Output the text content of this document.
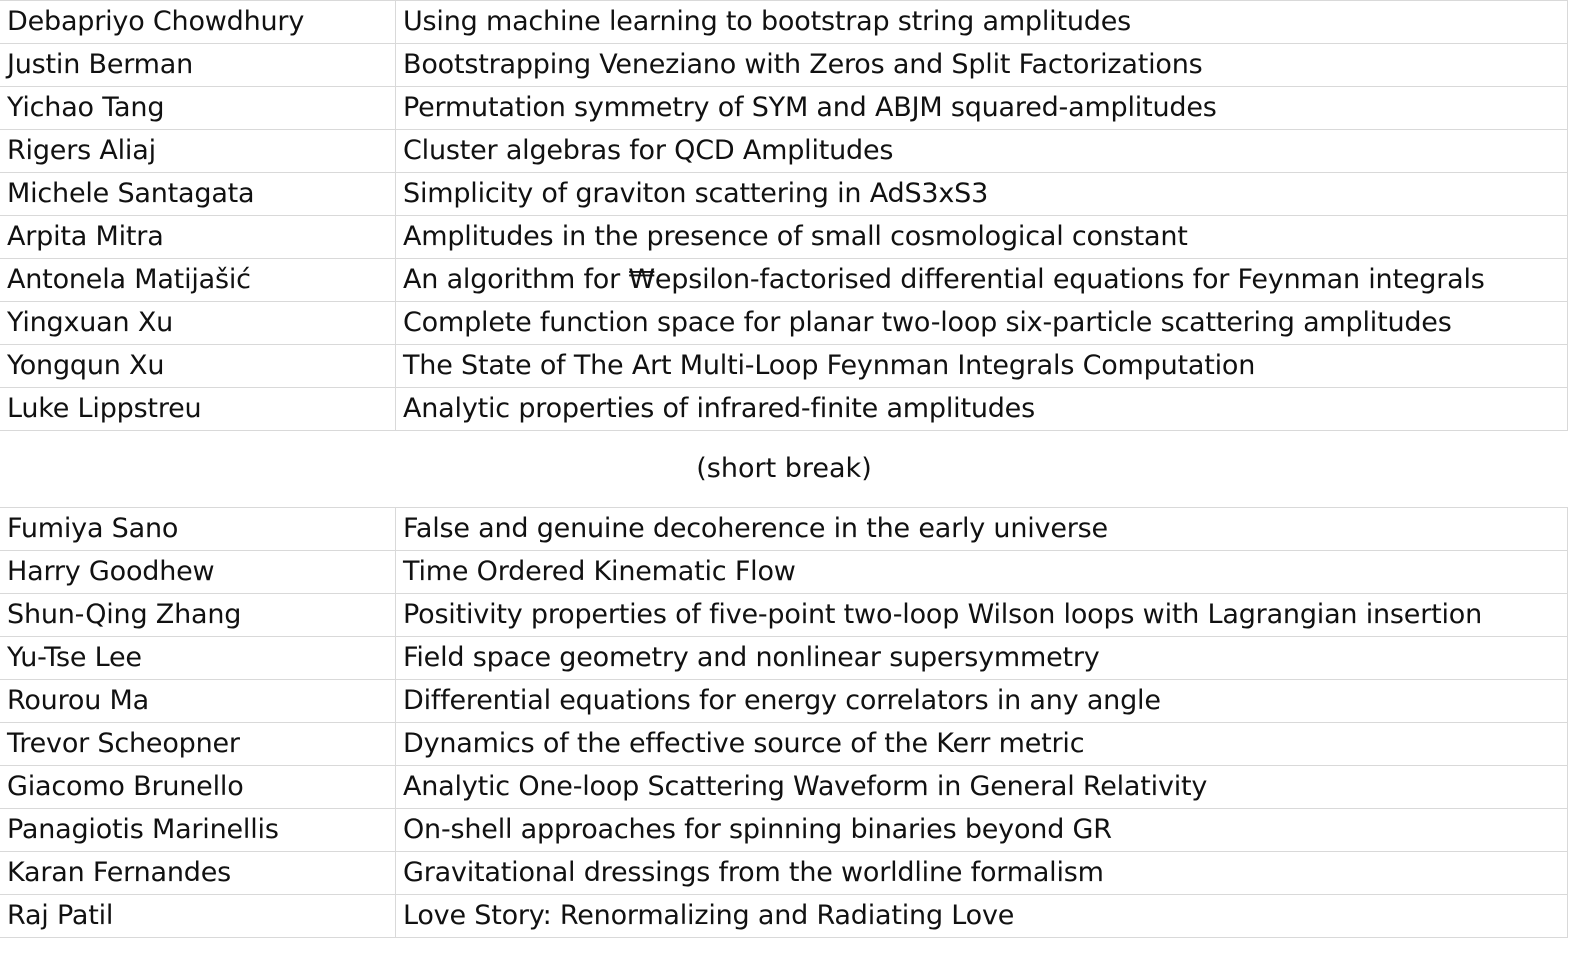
Debapriyo Chowdhury	Using machine learning to bootstrap string amplitudes
Justin Berman	Bootstrapping Veneziano with Zeros and Split Factorizations
Yichao Tang	Permutation symmetry of SYM and ABJM squared-amplitudes
Rigers Aliaj	Cluster algebras for QCD Amplitudes
Michele Santagata	Simplicity of graviton scattering in AdS3xS3
Arpita Mitra	Amplitudes in the presence of small cosmological constant
Antonela Matijašić	An algorithm for ₩epsilon-factorised differential equations for Feynman integrals
Yingxuan Xu	Complete function space for planar two-loop six-particle scattering amplitudes
Yongqun Xu	The State of The Art Multi-Loop Feynman Integrals Computation
Luke Lippstreu	Analytic properties of infrared-finite amplitudes
(short break)
Fumiya Sano	False and genuine decoherence in the early universe
Harry Goodhew	Time Ordered Kinematic Flow
Shun-Qing Zhang	Positivity properties of five-point two-loop Wilson loops with Lagrangian insertion
Yu-Tse Lee	Field space geometry and nonlinear supersymmetry
Rourou Ma	Differential equations for energy correlators in any angle
Trevor Scheopner	Dynamics of the effective source of the Kerr metric
Giacomo Brunello	Analytic One-loop Scattering Waveform in General Relativity
Panagiotis Marinellis	On-shell approaches for spinning binaries beyond GR
Karan Fernandes	Gravitational dressings from the worldline formalism
Raj Patil	Love Story: Renormalizing and Radiating Love
